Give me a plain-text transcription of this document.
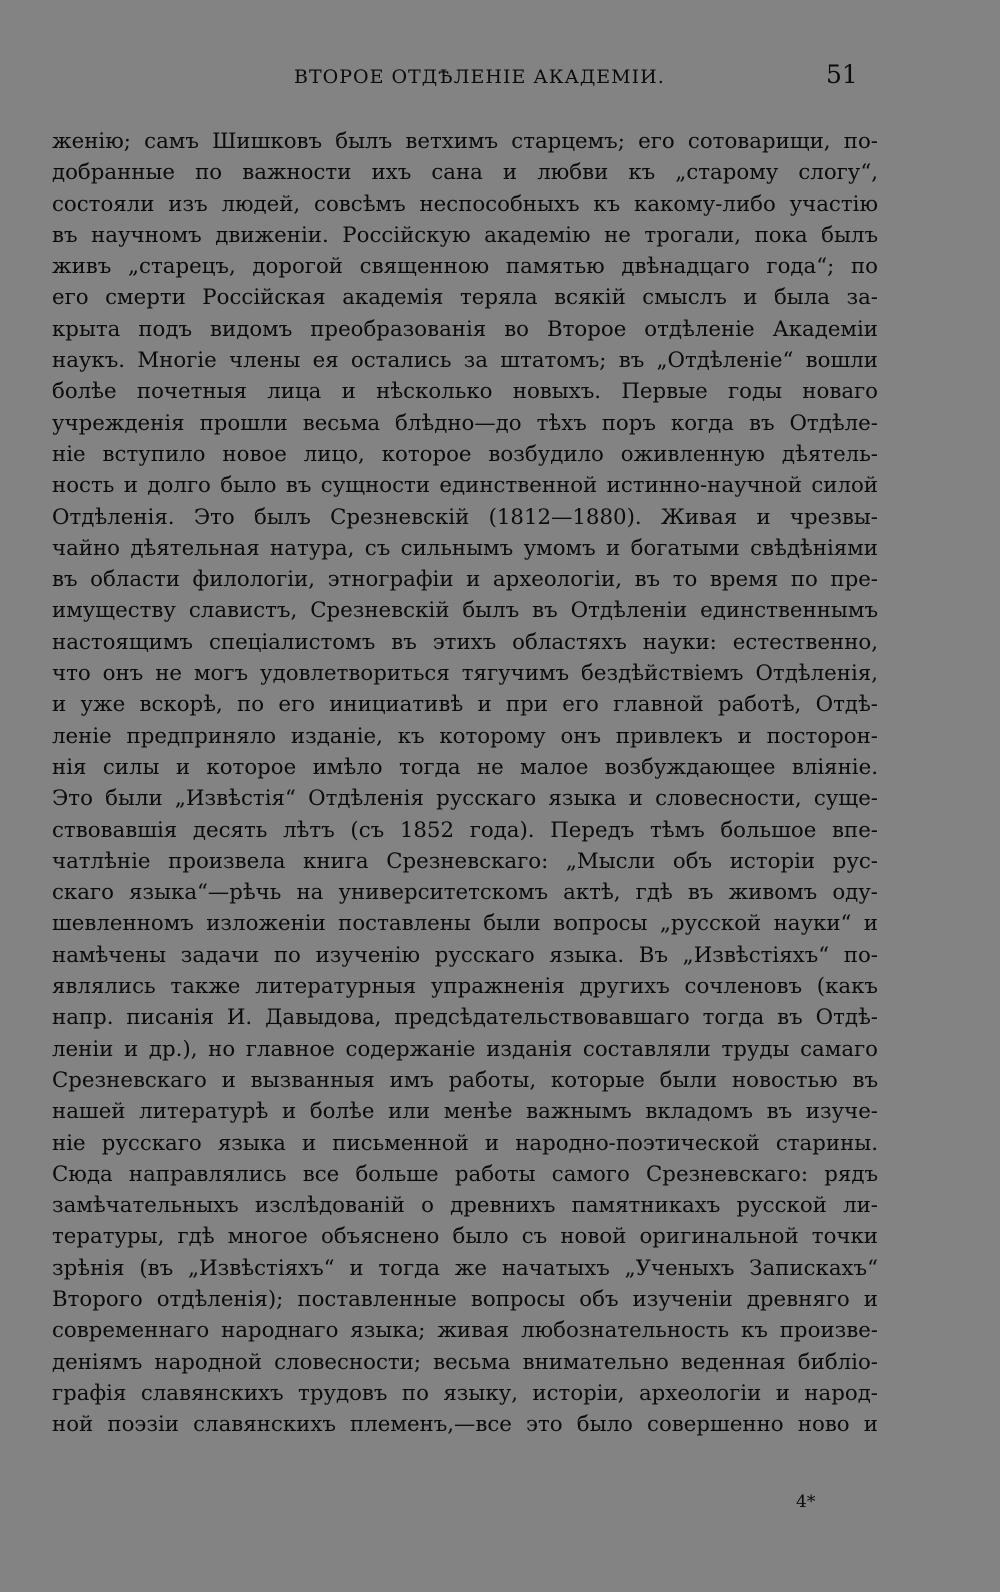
ВТОРОЕ ОТДѢЛЕНІЕ АКАДЕМІИ.	51
женію; самъ Шишковъ былъ ветхимъ старцемъ; его сотоварищи, по-
добранные по важности ихъ сана и любви къ „старому слогу“,
состояли изъ людей, совсѣмъ неспособныхъ къ какому-либо участію
въ научномъ движеніи. Россійскую академію не трогали, пока былъ
живъ „старецъ, дорогой священною памятью двѣнадцаго года“; по
его смерти Россійская академія теряла всякій смыслъ и была за-
крыта подъ видомъ преобразованія во Второе отдѣленіе Академіи
наукъ. Многіе члены ея остались за штатомъ; въ „Отдѣленіе“ вошли
болѣе почетныя лица и нѣсколько новыхъ. Первые годы новаго
учрежденія прошли весьма блѣдно—до тѣхъ поръ когда въ Отдѣле-
ніе вступило новое лицо, которое возбудило оживленную дѣятель-
ность и долго было въ сущности единственной истинно-научной силой
Отдѣленія. Это былъ Срезневскій (1812—1880). Живая и чрезвы-
чайно дѣятельная натура, съ сильнымъ умомъ и богатыми свѣдѣніями
въ области филологіи, этнографіи и археологіи, въ то время по пре-
имуществу славистъ, Срезневскій былъ въ Отдѣленіи единственнымъ
настоящимъ спеціалистомъ въ этихъ областяхъ науки: естественно,
что онъ не могъ удовлетвориться тягучимъ бездѣйствіемъ Отдѣленія,
и уже вскорѣ, по его инициативѣ и при его главной работѣ, Отдѣ-
леніе предприняло изданіе, къ которому онъ привлекъ и посторон-
нія силы и которое имѣло тогда не малое возбуждающее вліяніе.
Это были „Извѣстія“ Отдѣленія русскаго языка и словесности, суще-
ствовавшія десять лѣтъ (съ 1852 года). Передъ тѣмъ большое впе-
чатлѣніе произвела книга Срезневскаго: „Мысли объ исторіи рус-
скаго языка“—рѣчь на университетскомъ актѣ, гдѣ въ живомъ оду-
шевленномъ изложеніи поставлены были вопросы „русской науки“ и
намѣчены задачи по изученію русскаго языка. Въ „Извѣстіяхъ“ по-
являлись также литературныя упражненія другихъ сочленовъ (какъ
напр. писанія И. Давыдова, предсѣдательствовавшаго тогда въ Отдѣ-
леніи и др.), но главное содержаніе изданія составляли труды самаго
Срезневскаго и вызванныя имъ работы, которые были новостью въ
нашей литературѣ и болѣе или менѣе важнымъ вкладомъ въ изуче-
ніе русскаго языка и письменной и народно-поэтической старины.
Сюда направлялись все больше работы самого Срезневскаго: рядъ
замѣчательныхъ изслѣдованій о древнихъ памятникахъ русской ли-
тературы, гдѣ многое объяснено было съ новой оригинальной точки
зрѣнія (въ „Извѣстіяхъ“ и тогда же начатыхъ „Ученыхъ Запискахъ“
Второго отдѣленія); поставленные вопросы объ изученіи древняго и
современнаго народнаго языка; живая любознательность къ произве-
деніямъ народной словесности; весьма внимательно веденная библіо-
графія славянскихъ трудовъ по языку, исторіи, археологіи и народ-
ной поэзіи славянскихъ племенъ,—все это было совершенно ново и
4*
